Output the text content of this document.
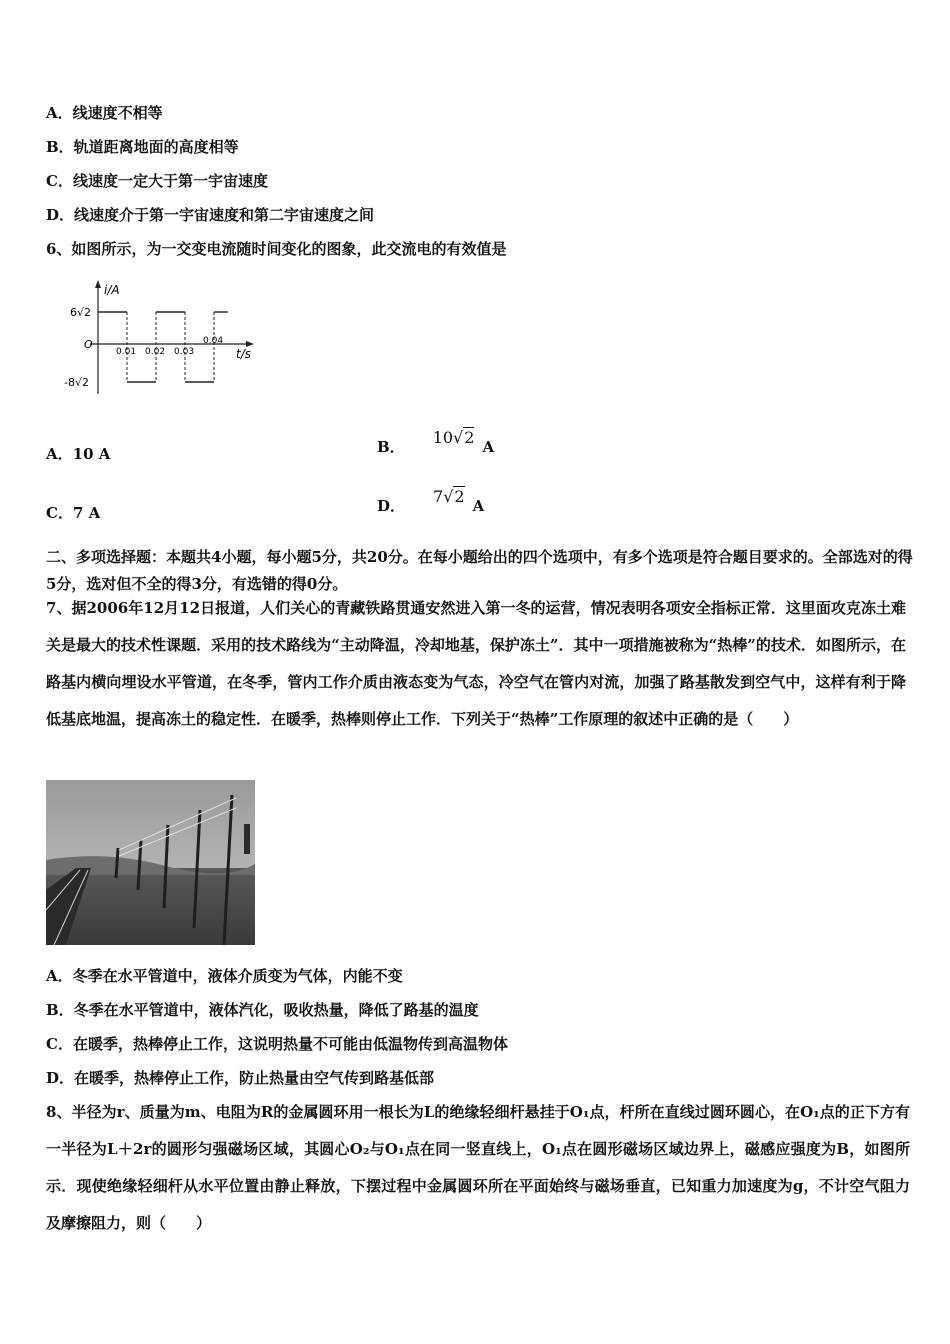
A．线速度不相等
B．轨道距离地面的高度相等
C．线速度一定大于第一宇宙速度
D．线速度介于第一宇宙速度和第二宇宙速度之间
6、如图所示，为一交变电流随时间变化的图象，此交流电的有效值是
i/A
t/s
O
6√2
-8√2
0.01 0.02 0.03
0.04
A．10 A	B． 10√2 A
C．7 A	D． 7√2 A
二、多项选择题：本题共4小题，每小题5分，共20分。在每小题给出的四个选项中，有多个选项是符合题目要求的。全部选对的得5分，选对但不全的得3分，有选错的得0分。
7、据2006年12月12日报道，人们关心的青藏铁路贯通安然进入第一冬的运营，情况表明各项安全指标正常．这里面攻克冻土难关是最大的技术性课题．采用的技术路线为“主动降温，冷却地基，保护冻土”．其中一项措施被称为“热棒”的技术．如图所示，在路基内横向埋设水平管道，在冬季，管内工作介质由液态变为气态，冷空气在管内对流，加强了路基散发到空气中，这样有利于降低基底地温，提高冻土的稳定性．在暖季，热棒则停止工作．下列关于“热棒”工作原理的叙述中正确的是（　　）
A．冬季在水平管道中，液体介质变为气体，内能不变
B．冬季在水平管道中，液体汽化，吸收热量，降低了路基的温度
C．在暖季，热棒停止工作，这说明热量不可能由低温物传到高温物体
D．在暖季，热棒停止工作，防止热量由空气传到路基低部
8、半径为r、质量为m、电阻为R的金属圆环用一根长为L的绝缘轻细杆悬挂于O₁点，杆所在直线过圆环圆心，在O₁点的正下方有一半径为L＋2r的圆形匀强磁场区域，其圆心O₂与O₁点在同一竖直线上，O₁点在圆形磁场区域边界上，磁感应强度为B，如图所示．现使绝缘轻细杆从水平位置由静止释放，下摆过程中金属圆环所在平面始终与磁场垂直，已知重力加速度为g，不计空气阻力及摩擦阻力，则（　　）
